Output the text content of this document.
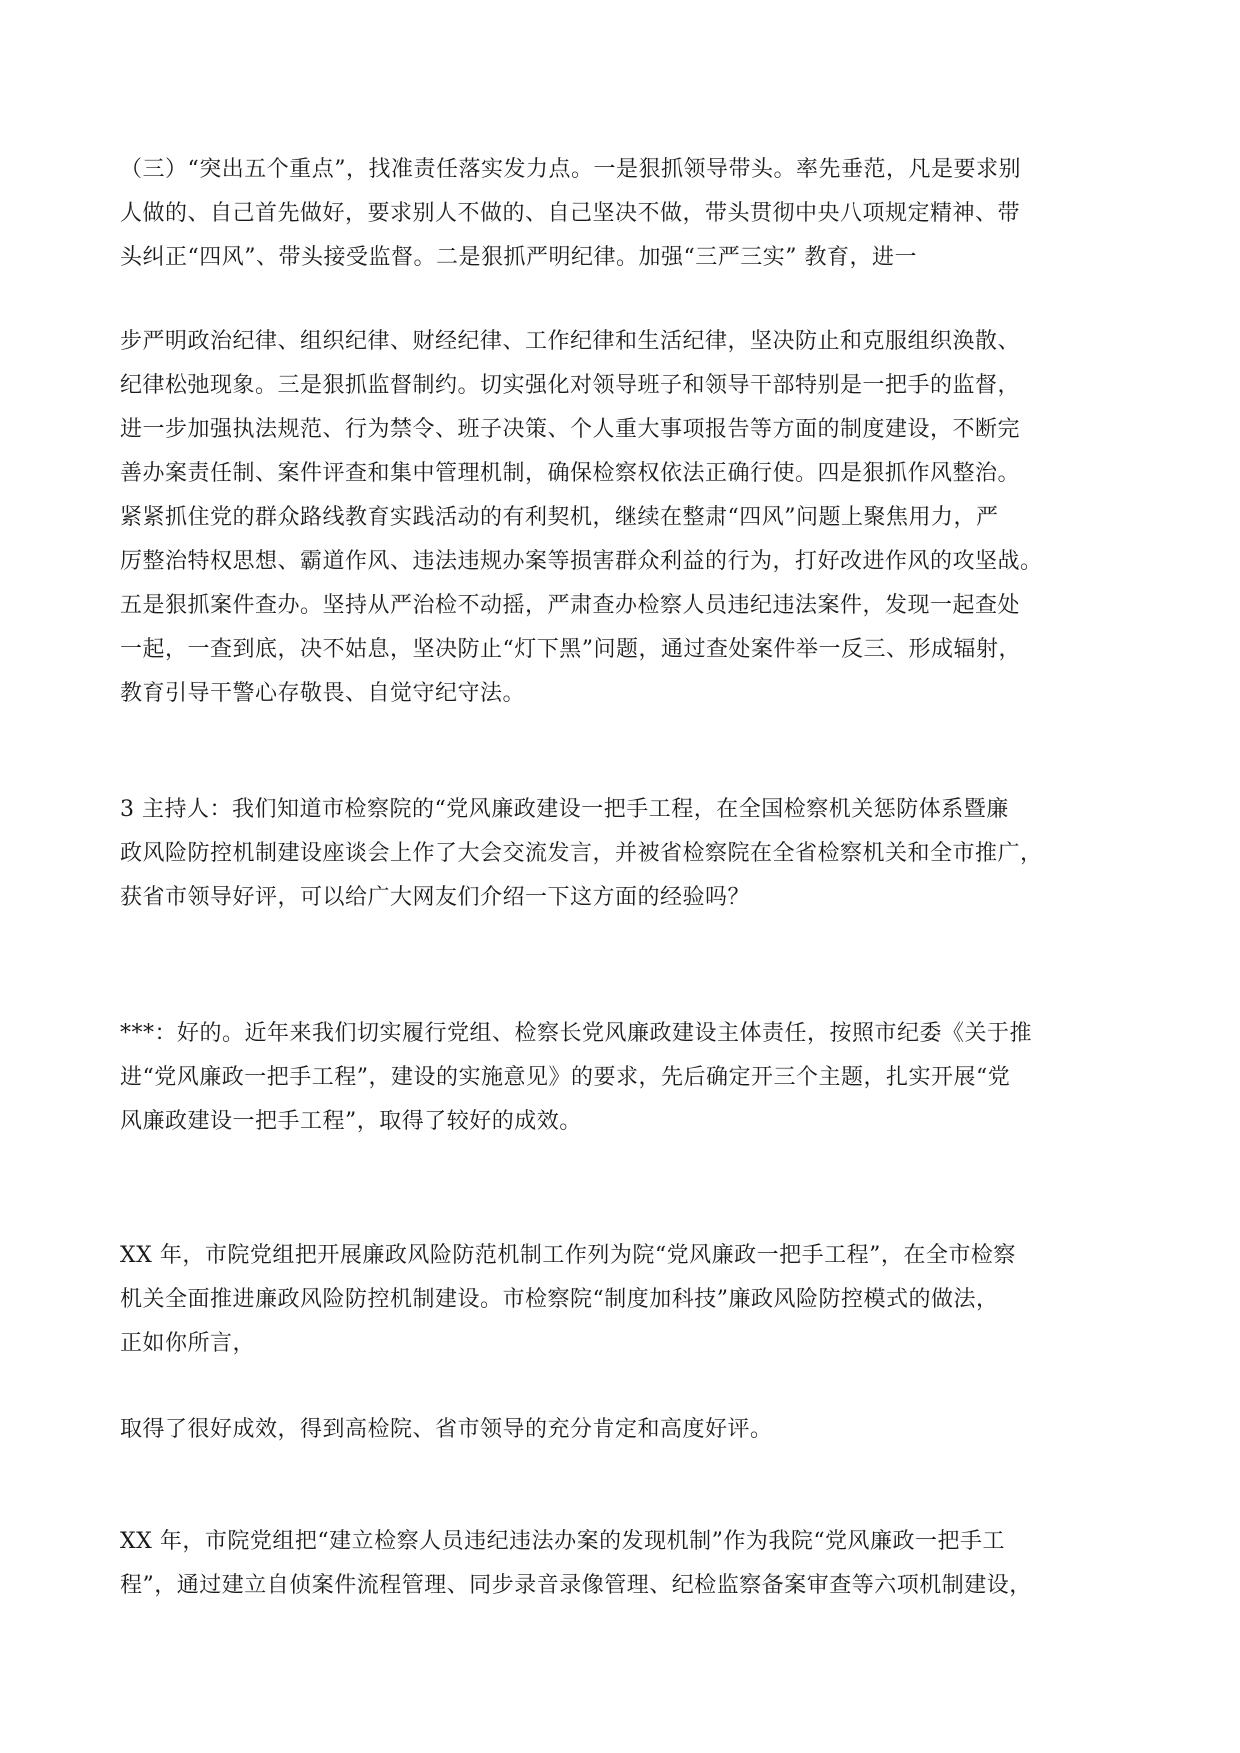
（三）“突出五个重点”，找准责任落实发力点。一是狠抓领导带头。率先垂范，凡是要求别
人做的、自己首先做好，要求别人不做的、自己坚决不做，带头贯彻中央八项规定精神、带
头纠正“四风”、带头接受监督。二是狠抓严明纪律。加强“三严三实” 教育，进一
步严明政治纪律、组织纪律、财经纪律、工作纪律和生活纪律，坚决防止和克服组织涣散、
纪律松弛现象。三是狠抓监督制约。切实强化对领导班子和领导干部特别是一把手的监督，
进一步加强执法规范、行为禁令、班子决策、个人重大事项报告等方面的制度建设，不断完
善办案责任制、案件评查和集中管理机制，确保检察权依法正确行使。四是狠抓作风整治。
紧紧抓住党的群众路线教育实践活动的有利契机，继续在整肃“四风”问题上聚焦用力，严
厉整治特权思想、霸道作风、违法违规办案等损害群众利益的行为，打好改进作风的攻坚战。
五是狠抓案件查办。坚持从严治检不动摇，严肃查办检察人员违纪违法案件，发现一起查处
一起，一查到底，决不姑息，坚决防止“灯下黑”问题，通过查处案件举一反三、形成辐射，
教育引导干警心存敬畏、自觉守纪守法。
3 主持人：我们知道市检察院的“党风廉政建设一把手工程，在全国检察机关惩防体系暨廉
政风险防控机制建设座谈会上作了大会交流发言，并被省检察院在全省检察机关和全市推广，
获省市领导好评，可以给广大网友们介绍一下这方面的经验吗？
***：好的。近年来我们切实履行党组、检察长党风廉政建设主体责任，按照市纪委《关于推
进“党风廉政一把手工程”，建设的实施意见》的要求，先后确定开三个主题，扎实开展“党
风廉政建设一把手工程”，取得了较好的成效。
XX 年，市院党组把开展廉政风险防范机制工作列为院“党风廉政一把手工程”，在全市检察
机关全面推进廉政风险防控机制建设。市检察院“制度加科技”廉政风险防控模式的做法，
正如你所言，
取得了很好成效，得到高检院、省市领导的充分肯定和高度好评。
XX 年，市院党组把“建立检察人员违纪违法办案的发现机制”作为我院“党风廉政一把手工
程”，通过建立自侦案件流程管理、同步录音录像管理、纪检监察备案审查等六项机制建设，
